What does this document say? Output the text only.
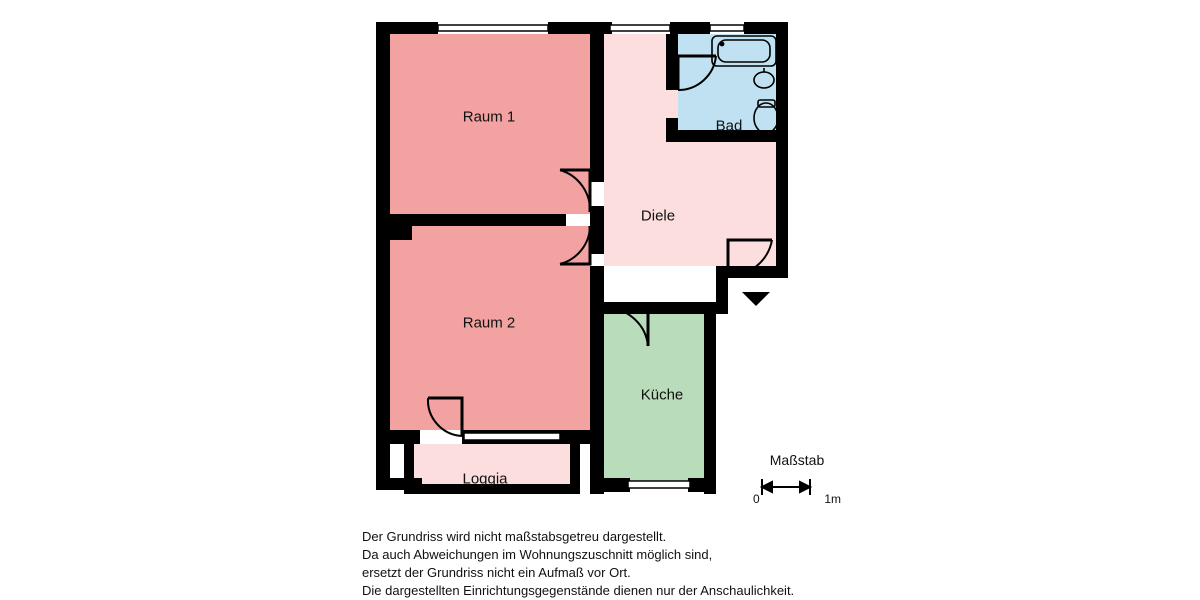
Raum 1
Raum 2
Diele
Bad
Küche
Loggia
Maßstab
0	1m
Der Grundriss wird nicht maßstabsgetreu dargestellt.
Da auch Abweichungen im Wohnungszuschnitt möglich sind,
ersetzt der Grundriss nicht ein Aufmaß vor Ort.
Die dargestellten Einrichtungsgegenstände dienen nur der Anschaulichkeit.
